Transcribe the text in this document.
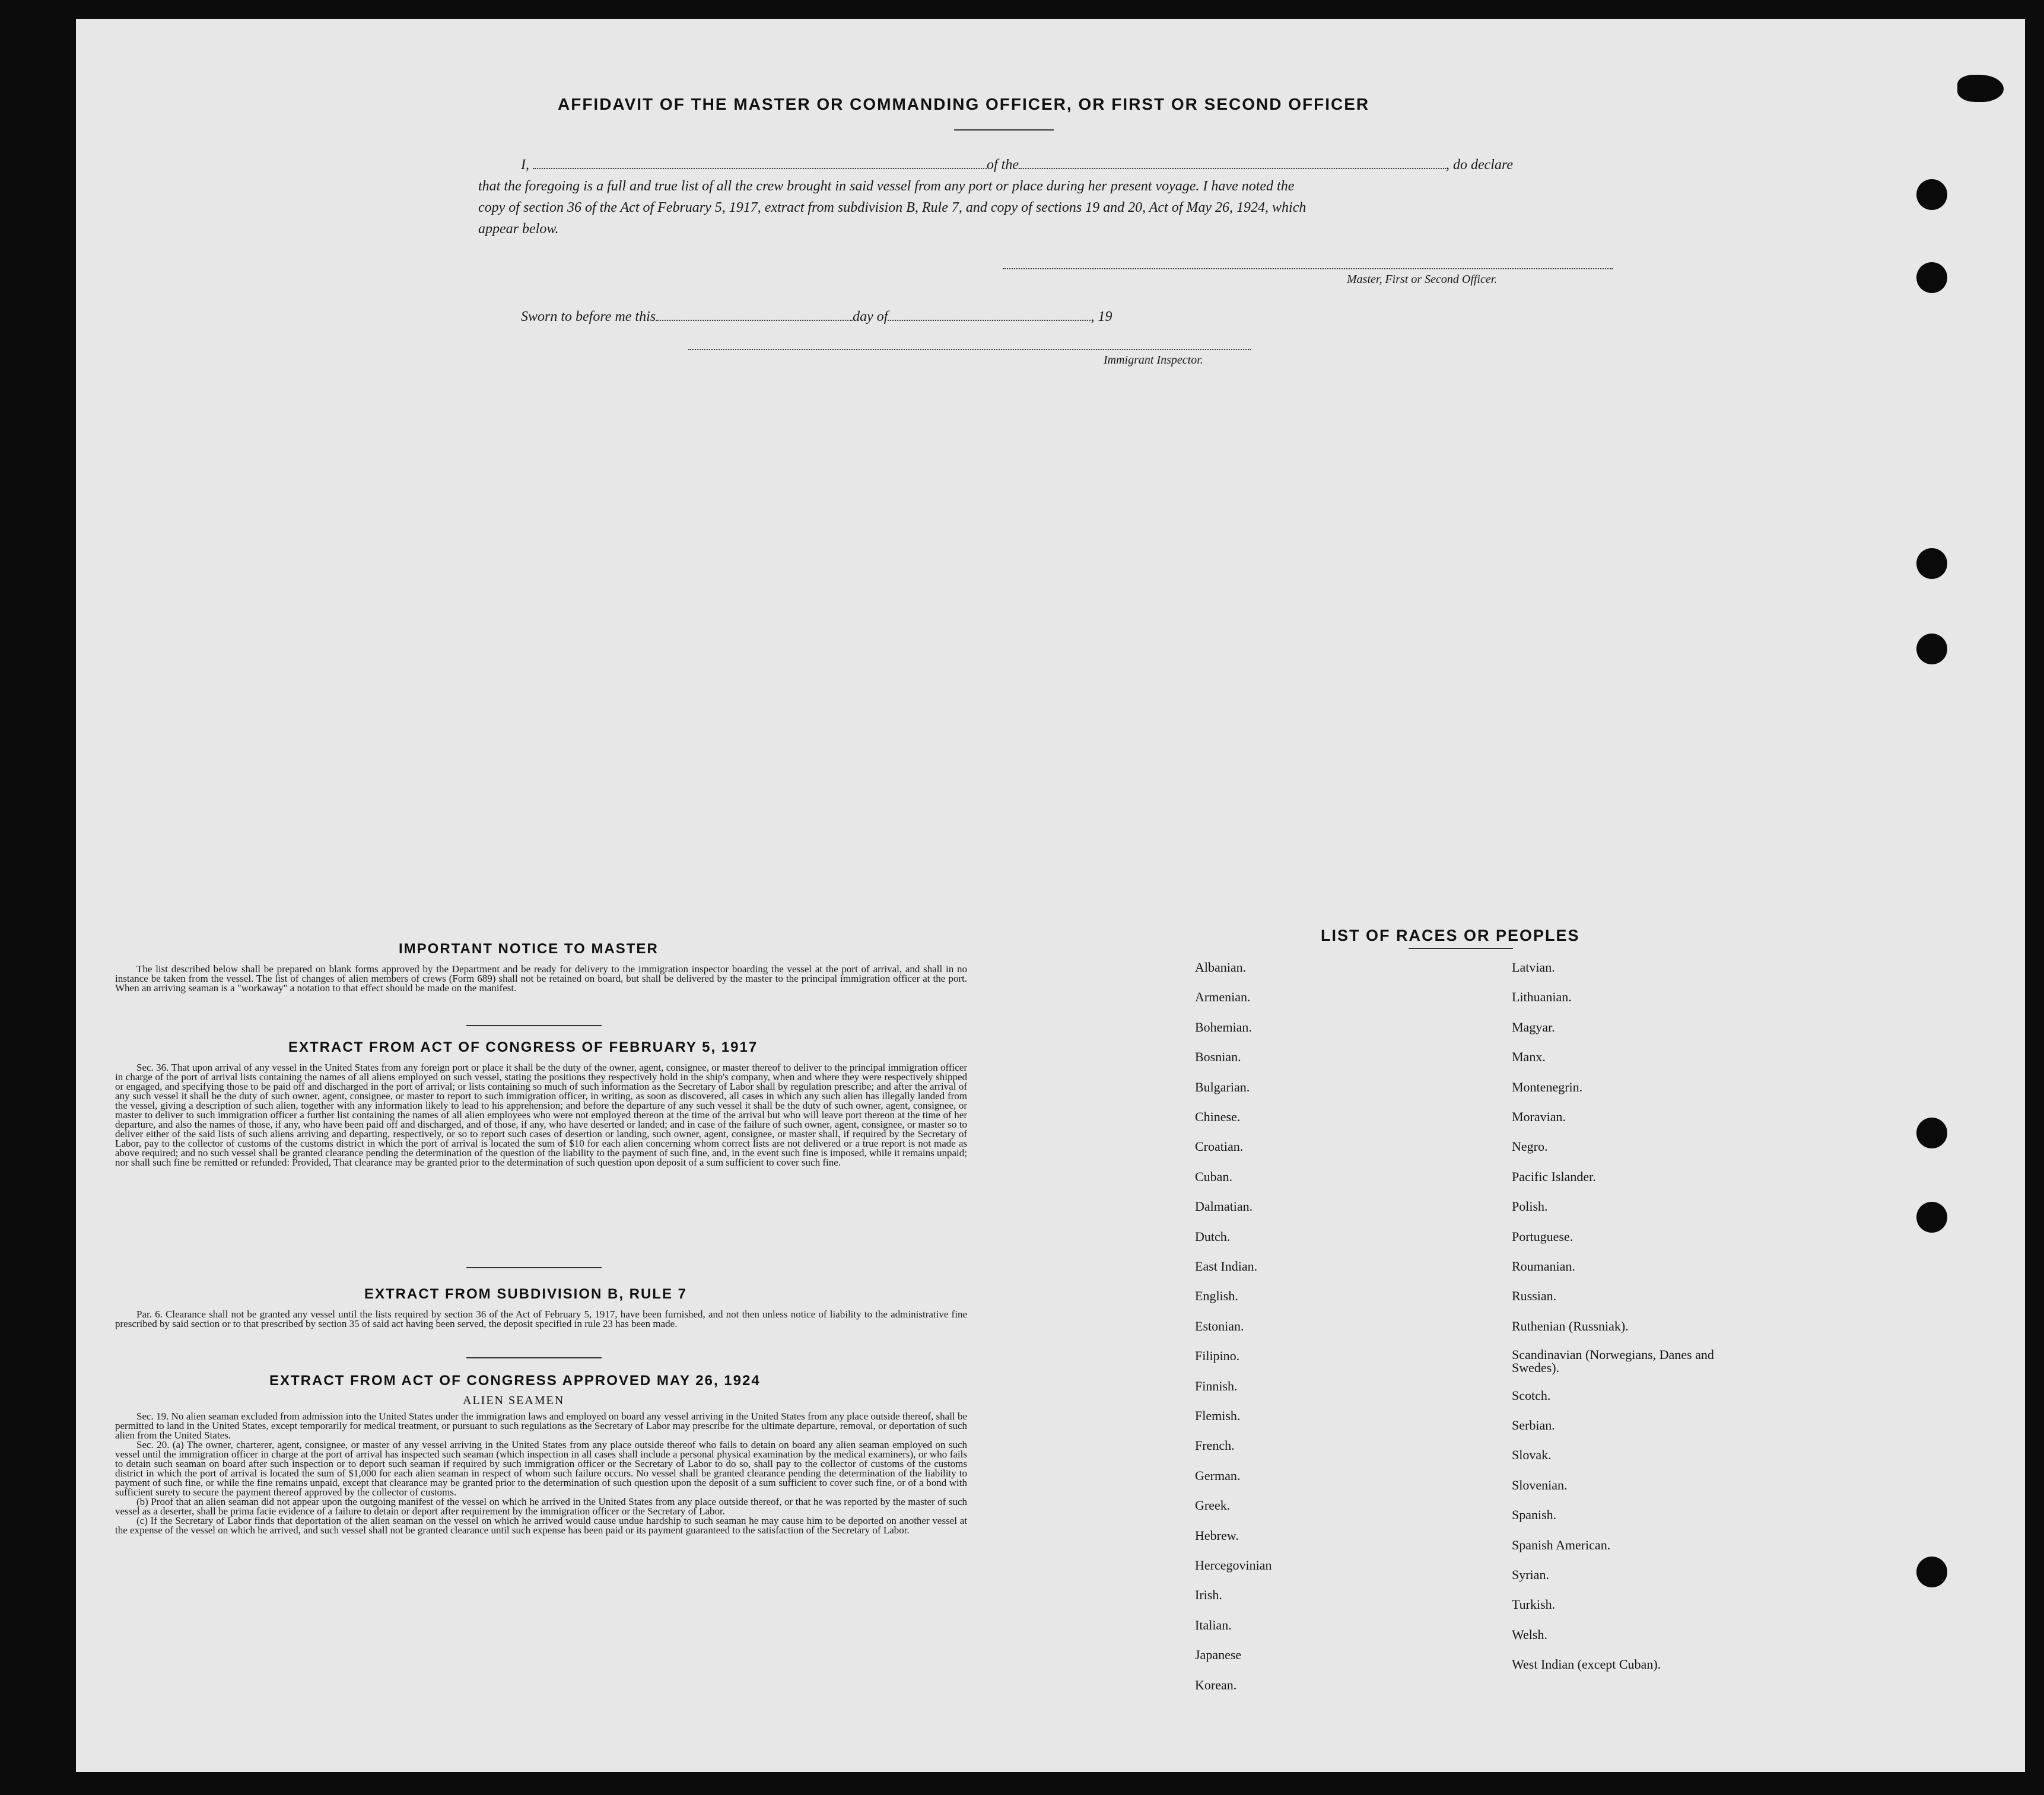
AFFIDAVIT OF THE MASTER OR COMMANDING OFFICER, OR FIRST OR SECOND OFFICER
I,	of the	, do declare
that the foregoing is a full and true list of all the crew brought in said vessel from any port or place during her present voyage. I have noted the
copy of section 36 of the Act of February 5, 1917, extract from subdivision B, Rule 7, and copy of sections 19 and 20, Act of May 26, 1924, which
appear below.
Master, First or Second Officer.
Sworn to before me this	day of	, 19
Immigrant Inspector.
IMPORTANT NOTICE TO MASTER

The list described below shall be prepared on blank forms approved by the Department and be ready for delivery to the immigration inspector boarding the vessel at the port of arrival, and shall in no instance be taken from the vessel. The list of changes of alien members of crews (Form 689) shall not be retained on board, but shall be delivered by the master to the principal immigration officer at the port. When an arriving seaman is a "workaway" a notation to that effect should be made on the manifest.

EXTRACT FROM ACT OF CONGRESS OF FEBRUARY 5, 1917

Sec. 36. That upon arrival of any vessel in the United States from any foreign port or place it shall be the duty of the owner, agent, consignee, or master thereof to deliver to the principal immigration officer in charge of the port of arrival lists containing the names of all aliens employed on such vessel, stating the positions they respectively hold in the ship's company, when and where they were respectively shipped or engaged, and specifying those to be paid off and discharged in the port of arrival; or lists containing so much of such information as the Secretary of Labor shall by regulation prescribe; and after the arrival of any such vessel it shall be the duty of such owner, agent, consignee, or master to report to such immigration officer, in writing, as soon as discovered, all cases in which any such alien has illegally landed from the vessel, giving a description of such alien, together with any information likely to lead to his apprehension; and before the departure of any such vessel it shall be the duty of such owner, agent, consignee, or master to deliver to such immigration officer a further list containing the names of all alien employees who were not employed thereon at the time of the arrival but who will leave port thereon at the time of her departure, and also the names of those, if any, who have been paid off and discharged, and of those, if any, who have deserted or landed; and in case of the failure of such owner, agent, consignee, or master so to deliver either of the said lists of such aliens arriving and departing, respectively, or so to report such cases of desertion or landing, such owner, agent, consignee, or master shall, if required by the Secretary of Labor, pay to the collector of customs of the customs district in which the port of arrival is located the sum of $10 for each alien concerning whom correct lists are not delivered or a true report is not made as above required; and no such vessel shall be granted clearance pending the determination of the question of the liability to the payment of such fine, and, in the event such fine is imposed, while it remains unpaid; nor shall such fine be remitted or refunded: Provided, That clearance may be granted prior to the determination of such question upon deposit of a sum sufficient to cover such fine.

EXTRACT FROM SUBDIVISION B, RULE 7

Par. 6. Clearance shall not be granted any vessel until the lists required by section 36 of the Act of February 5, 1917, have been furnished, and not then unless notice of liability to the administrative fine prescribed by said section or to that prescribed by section 35 of said act having been served, the deposit specified in rule 23 has been made.

EXTRACT FROM ACT OF CONGRESS APPROVED MAY 26, 1924
ALIEN SEAMEN

Sec. 19. No alien seaman excluded from admission into the United States under the immigration laws and employed on board any vessel arriving in the United States from any place outside thereof, shall be permitted to land in the United States, except temporarily for medical treatment, or pursuant to such regulations as the Secretary of Labor may prescribe for the ultimate departure, removal, or deportation of such alien from the United States.

Sec. 20. (a) The owner, charterer, agent, consignee, or master of any vessel arriving in the United States from any place outside thereof who fails to detain on board any alien seaman employed on such vessel until the immigration officer in charge at the port of arrival has inspected such seaman (which inspection in all cases shall include a personal physical examination by the medical examiners), or who fails to detain such seaman on board after such inspection or to deport such seaman if required by such immigration officer or the Secretary of Labor to do so, shall pay to the collector of customs of the customs district in which the port of arrival is located the sum of $1,000 for each alien seaman in respect of whom such failure occurs. No vessel shall be granted clearance pending the determination of the liability to payment of such fine, or while the fine remains unpaid, except that clearance may be granted prior to the determination of such question upon the deposit of a sum sufficient to cover such fine, or of a bond with sufficient surety to secure the payment thereof approved by the collector of customs.

(b) Proof that an alien seaman did not appear upon the outgoing manifest of the vessel on which he arrived in the United States from any place outside thereof, or that he was reported by the master of such vessel as a deserter, shall be prima facie evidence of a failure to detain or deport after requirement by the immigration officer or the Secretary of Labor.

(c) If the Secretary of Labor finds that deportation of the alien seaman on the vessel on which he arrived would cause undue hardship to such seaman he may cause him to be deported on another vessel at the expense of the vessel on which he arrived, and such vessel shall not be granted clearance until such expense has been paid or its payment guaranteed to the satisfaction of the Secretary of Labor.

LIST OF RACES OR PEOPLES
Albanian.
Armenian.
Bohemian.
Bosnian.
Bulgarian.
Chinese.
Croatian.
Cuban.
Dalmatian.
Dutch.
East Indian.
English.
Estonian.
Filipino.
Finnish.
Flemish.
French.
German.
Greek.
Hebrew.
Hercegovinian
Irish.
Italian.
Japanese
Korean.
Latvian.
Lithuanian.
Magyar.
Manx.
Montenegrin.
Moravian.
Negro.
Pacific Islander.
Polish.
Portuguese.
Roumanian.
Russian.
Ruthenian (Russniak).
Scandinavian (Norwegians, Danes and Swedes).
Scotch.
Serbian.
Slovak.
Slovenian.
Spanish.
Spanish American.
Syrian.
Turkish.
Welsh.
West Indian (except Cuban).
